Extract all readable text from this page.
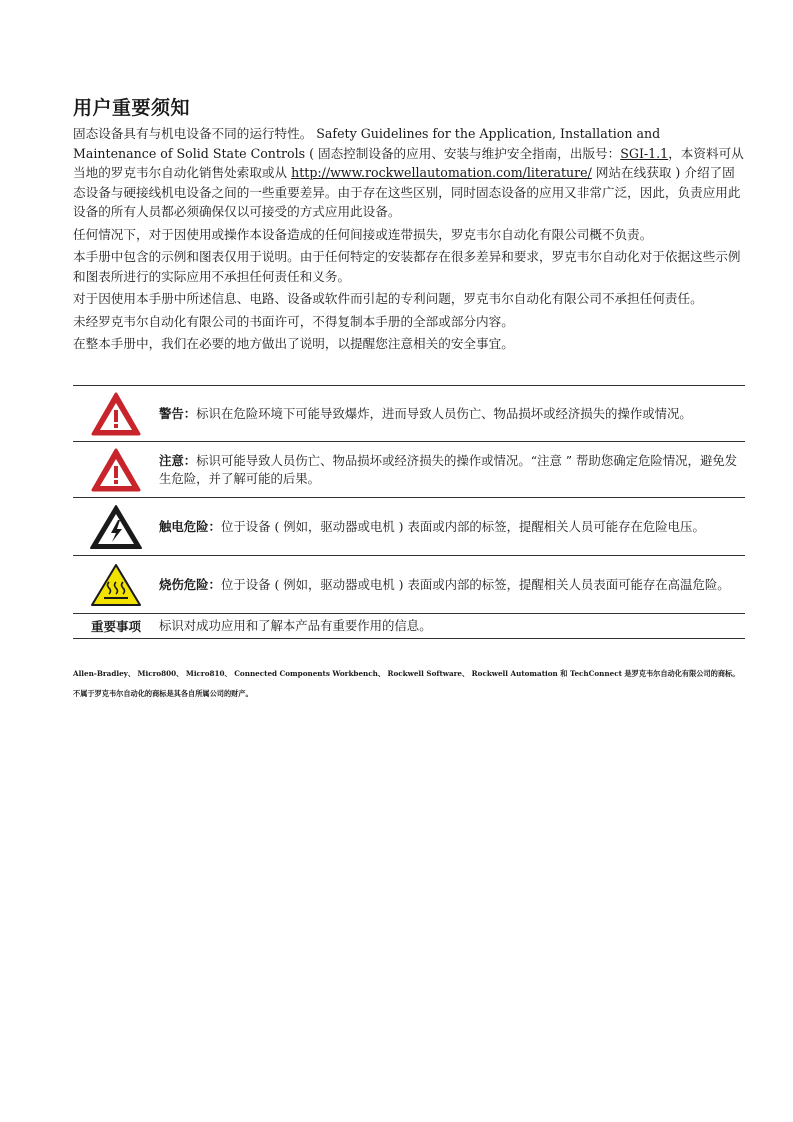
用户重要须知

固态设备具有与机电设备不同的运行特性。 Safety Guidelines for the Application, Installation and Maintenance of Solid State Controls ( 固态控制设备的应用、安装与维护安全指南，出版号：SGI-1.1，本资料可从当地的罗克韦尔自动化销售处索取或从 http://www.rockwellautomation.com/literature/ 网站在线获取 ) 介绍了固态设备与硬接线机电设备之间的一些重要差异。由于存在这些区别，同时固态设备的应用又非常广泛，因此，负责应用此设备的所有人员都必须确保仅以可接受的方式应用此设备。

任何情况下，对于因使用或操作本设备造成的任何间接或连带损失，罗克韦尔自动化有限公司概不负责。

本手册中包含的示例和图表仅用于说明。由于任何特定的安装都存在很多差异和要求，罗克韦尔自动化对于依据这些示例和图表所进行的实际应用不承担任何责任和义务。

对于因使用本手册中所述信息、电路、设备或软件而引起的专利问题，罗克韦尔自动化有限公司不承担任何责任。

未经罗克韦尔自动化有限公司的书面许可，不得复制本手册的全部或部分内容。

在整本手册中，我们在必要的地方做出了说明，以提醒您注意相关的安全事宜。

	警告：标识在危险环境下可能导致爆炸，进而导致人员伤亡、物品损坏或经济损失的操作或情况。

	注意：标识可能导致人员伤亡、物品损坏或经济损失的操作或情况。“注意 ” 帮助您确定危险情况，避免发生危险，并了解可能的后果。

	触电危险：位于设备 ( 例如，驱动器或电机 ) 表面或内部的标签，提醒相关人员可能存在危险电压。

	烧伤危险：位于设备 ( 例如，驱动器或电机 ) 表面或内部的标签，提醒相关人员表面可能存在高温危险。
重要事项	标识对成功应用和了解本产品有重要作用的信息。
Allen-Bradley、 Micro800、 Micro810、 Connected Components Workbench、 Rockwell Software、 Rockwell Automation 和 TechConnect 是罗克韦尔自动化有限公司的商标。
不属于罗克韦尔自动化的商标是其各自所属公司的财产。
